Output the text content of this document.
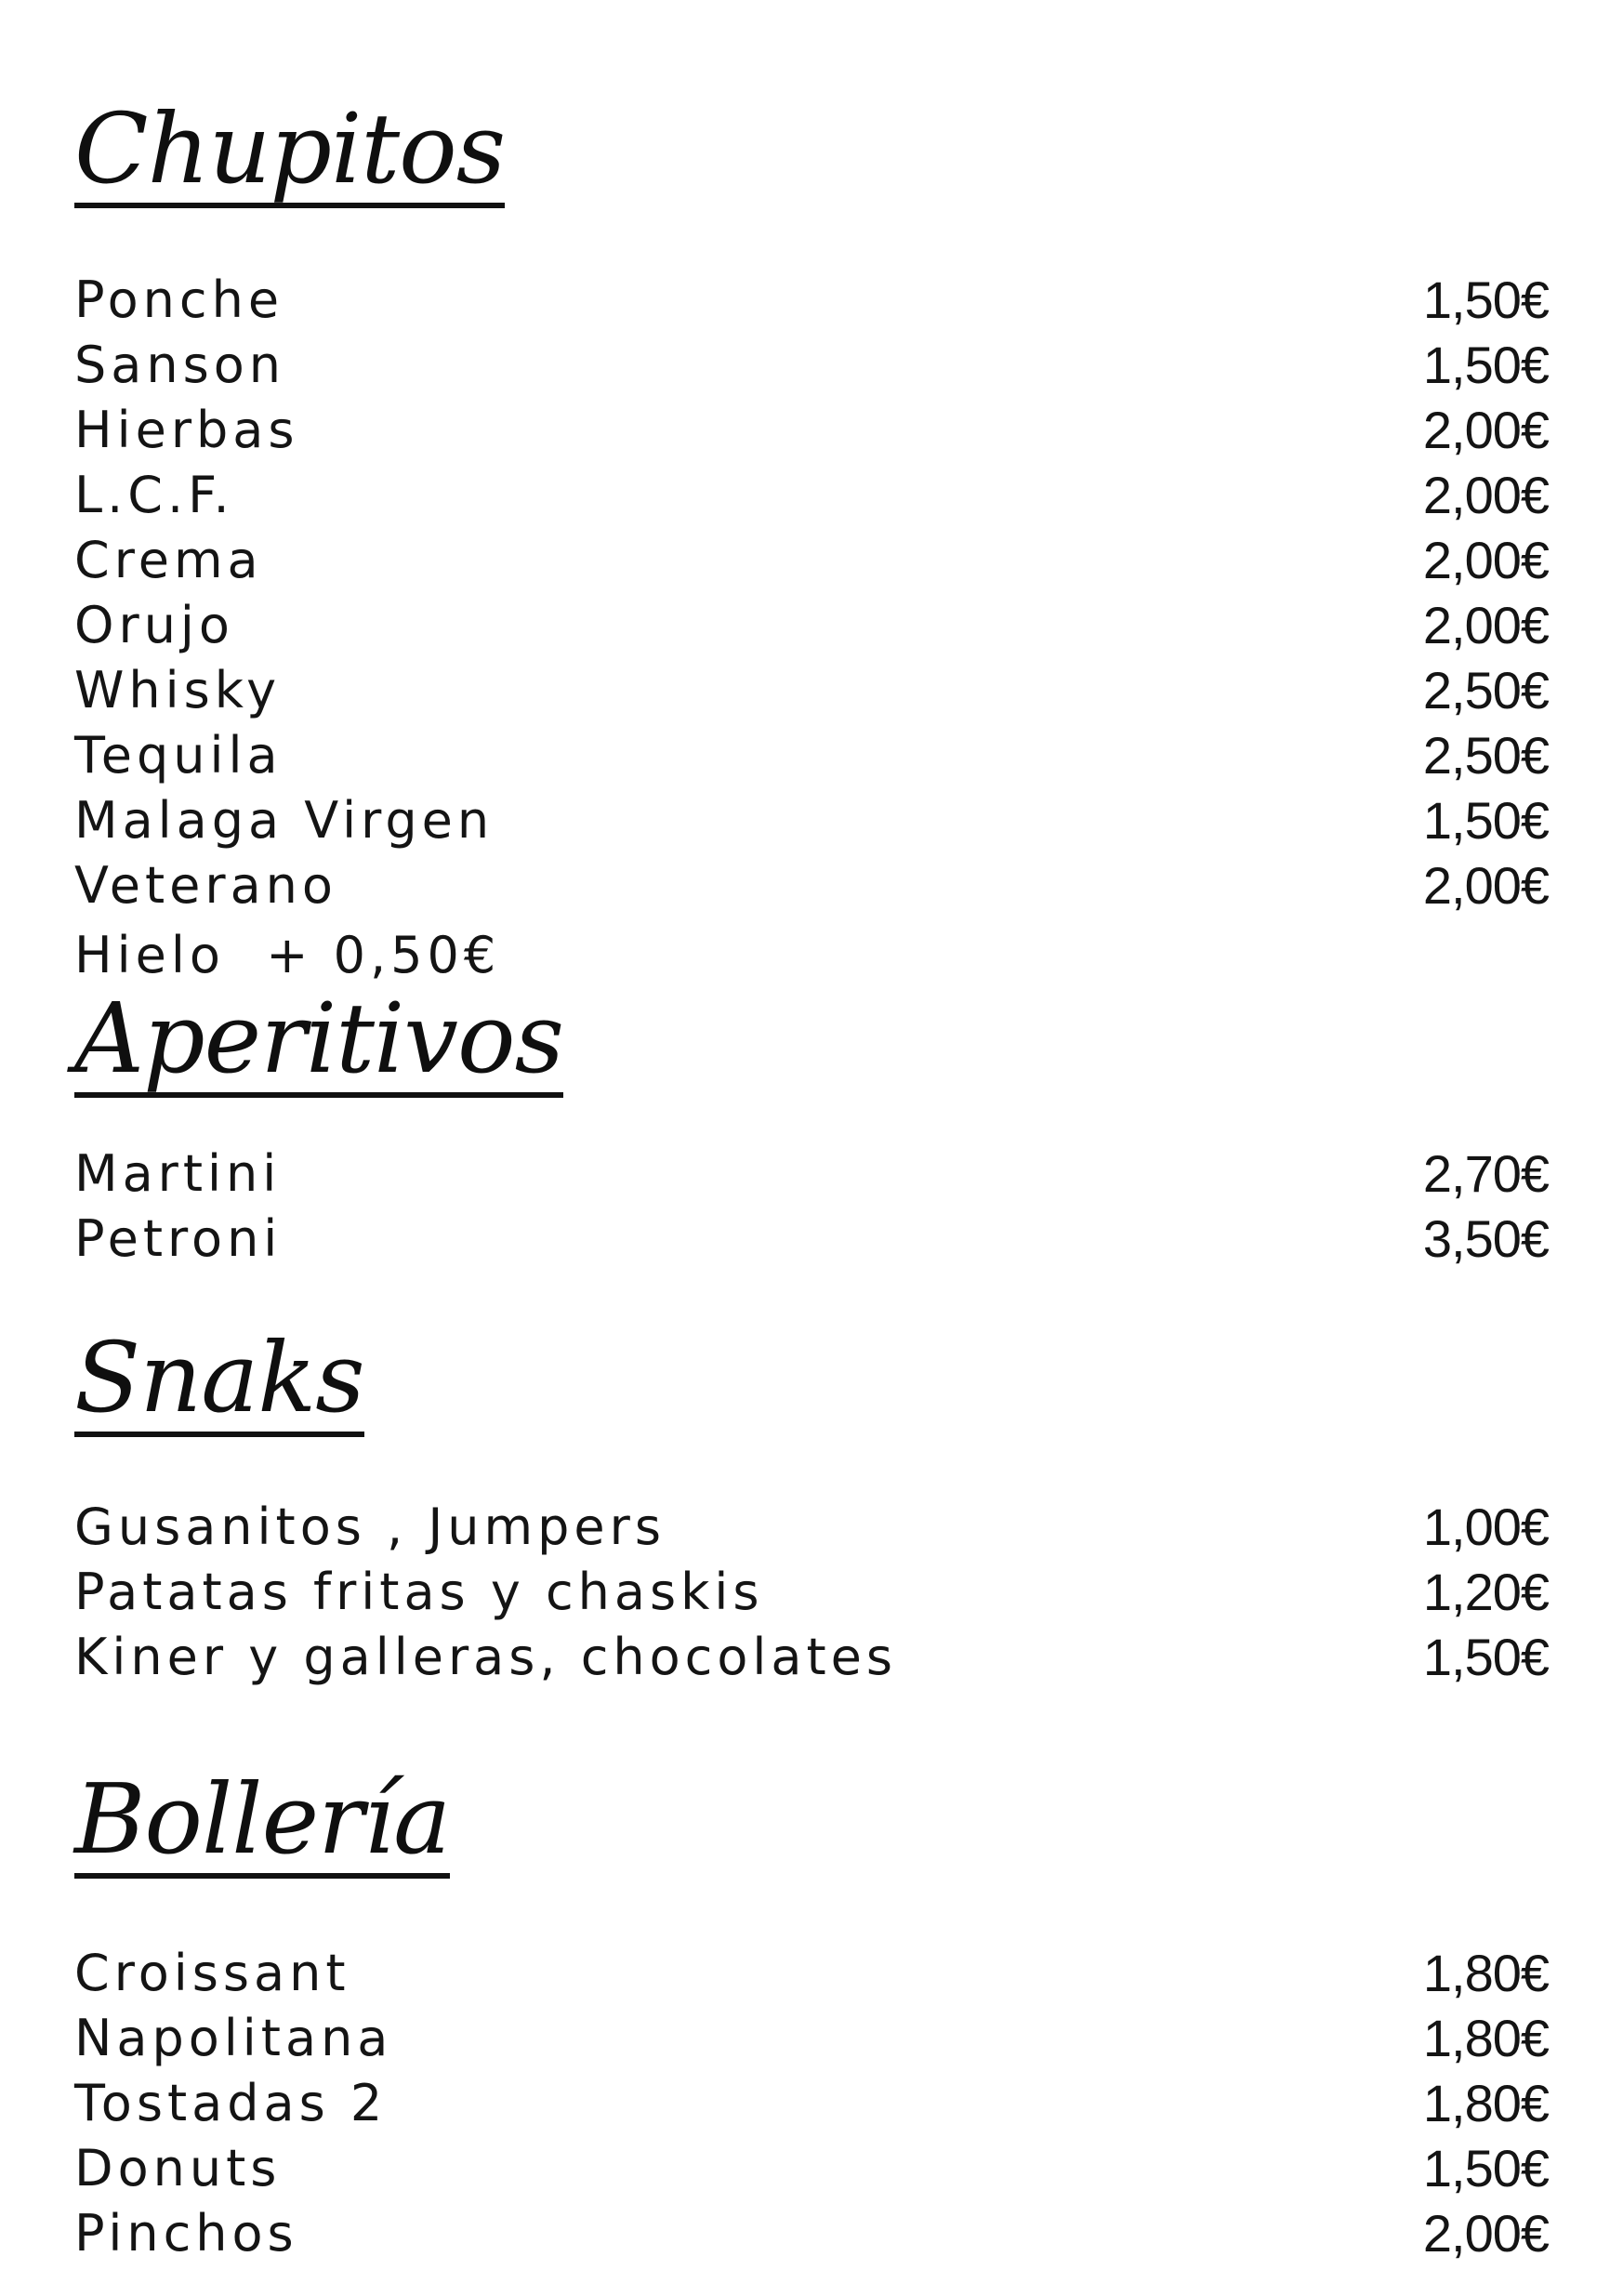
Chupitos
Ponche	1,50€
Sanson	1,50€
Hierbas	2,00€
L.C.F.	2,00€
Crema	2,00€
Orujo	2,00€
Whisky	2,50€
Tequila	2,50€
Malaga Virgen	1,50€
Veterano	2,00€
Hielo  + 0,50€
Aperitivos
Martini	2,70€
Petroni	3,50€
Snaks
Gusanitos , Jumpers	1,00€
Patatas fritas y chaskis	1,20€
Kiner y galleras, chocolates	1,50€
Bollería
Croissant	1,80€
Napolitana	1,80€
Tostadas 2	1,80€
Donuts	1,50€
Pinchos	2,00€
